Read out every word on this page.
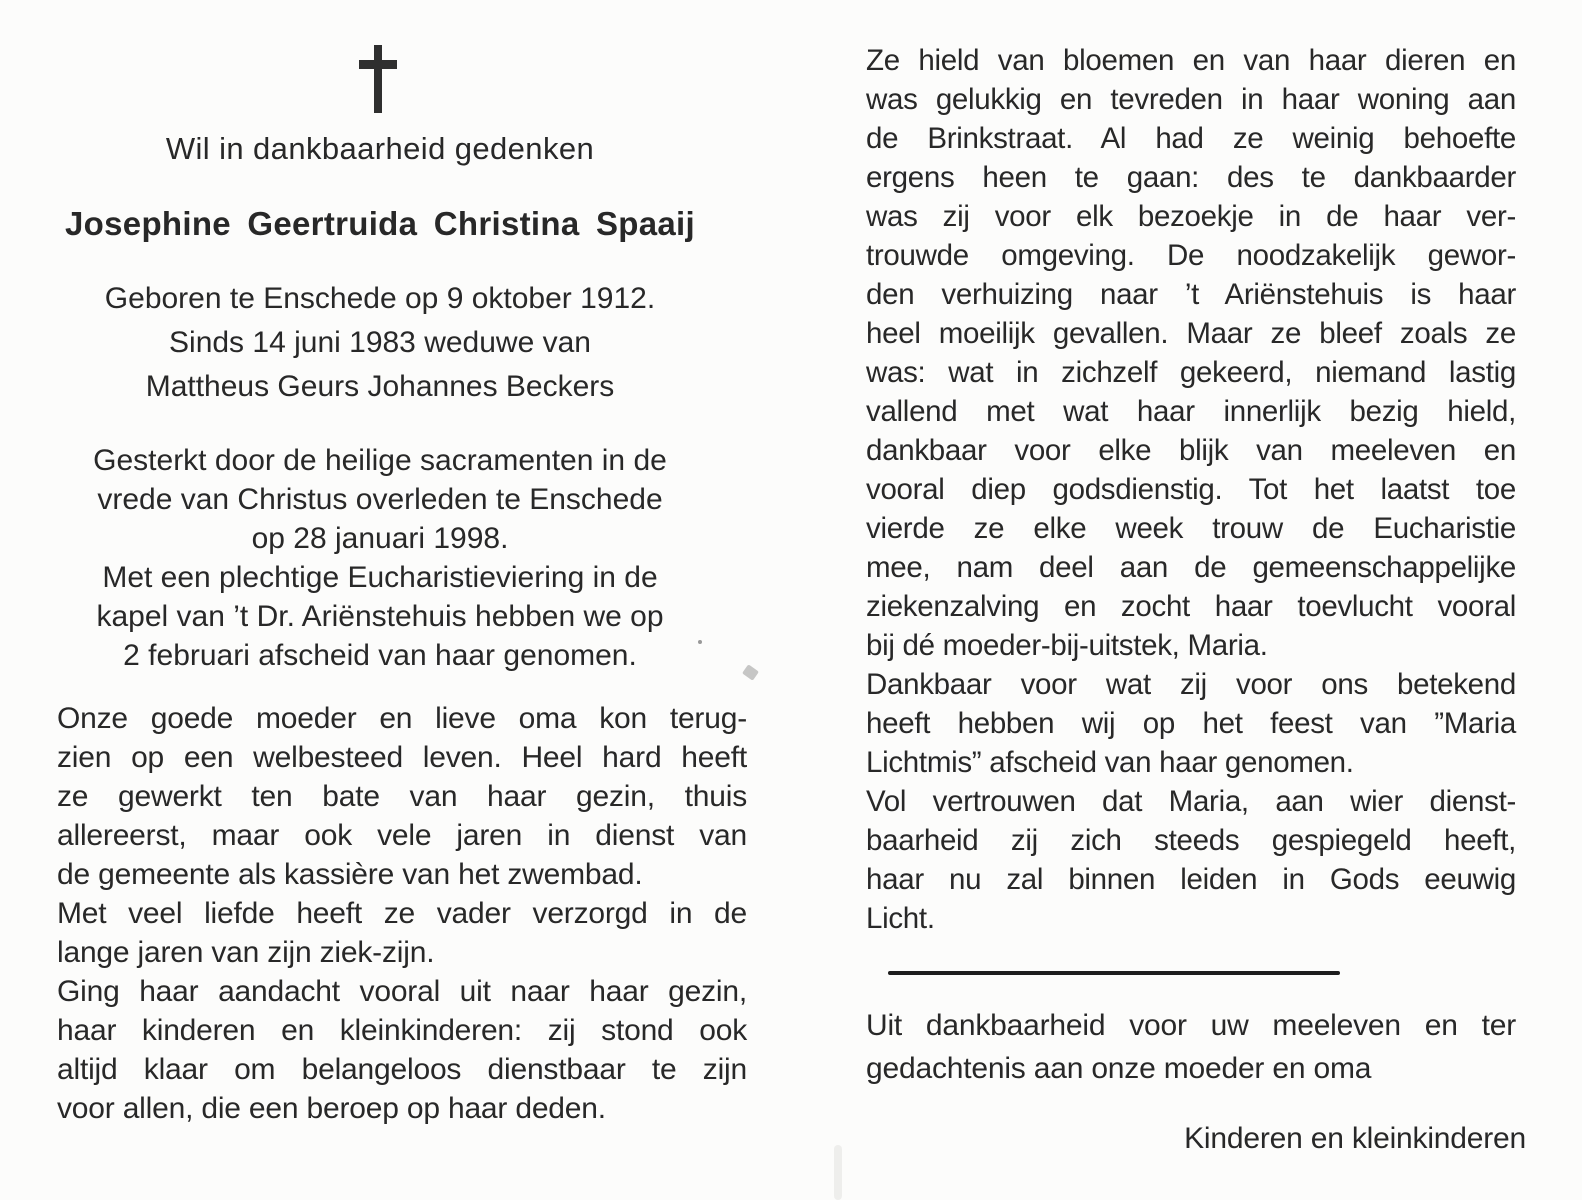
Wil in dankbaarheid gedenken
Josephine Geertruida Christina Spaaij
Geboren te Enschede op 9 oktober 1912.
Sinds 14 juni 1983 weduwe van
Mattheus Geurs Johannes Beckers
Gesterkt door de heilige sacramenten in de
vrede van Christus overleden te Enschede
op 28 januari 1998.
Met een plechtige Eucharistieviering in de
kapel van ’t Dr. Ariënstehuis hebben we op
2 februari afscheid van haar genomen.
Onze goede moeder en lieve oma kon terug-
zien op een welbesteed leven. Heel hard heeft
ze gewerkt ten bate van haar gezin, thuis
allereerst, maar ook vele jaren in dienst van
de gemeente als kassière van het zwembad.
Met veel liefde heeft ze vader verzorgd in de
lange jaren van zijn ziek-zijn.
Ging haar aandacht vooral uit naar haar gezin,
haar kinderen en kleinkinderen: zij stond ook
altijd klaar om belangeloos dienstbaar te zijn
voor allen, die een beroep op haar deden.
Ze hield van bloemen en van haar dieren en
was gelukkig en tevreden in haar woning aan
de Brinkstraat. Al had ze weinig behoefte
ergens heen te gaan: des te dankbaarder
was zij voor elk bezoekje in de haar ver-
trouwde omgeving. De noodzakelijk gewor-
den verhuizing naar ’t Ariënstehuis is haar
heel moeilijk gevallen. Maar ze bleef zoals ze
was: wat in zichzelf gekeerd, niemand lastig
vallend met wat haar innerlijk bezig hield,
dankbaar voor elke blijk van meeleven en
vooral diep godsdienstig. Tot het laatst toe
vierde ze elke week trouw de Eucharistie
mee, nam deel aan de gemeenschappelijke
ziekenzalving en zocht haar toevlucht vooral
bij dé moeder-bij-uitstek, Maria.
Dankbaar voor wat zij voor ons betekend
heeft hebben wij op het feest van ”Maria
Lichtmis” afscheid van haar genomen.
Vol vertrouwen dat Maria, aan wier dienst-
baarheid zij zich steeds gespiegeld heeft,
haar nu zal binnen leiden in Gods eeuwig
Licht.
Uit dankbaarheid voor uw meeleven en ter
gedachtenis aan onze moeder en oma
Kinderen en kleinkinderen
